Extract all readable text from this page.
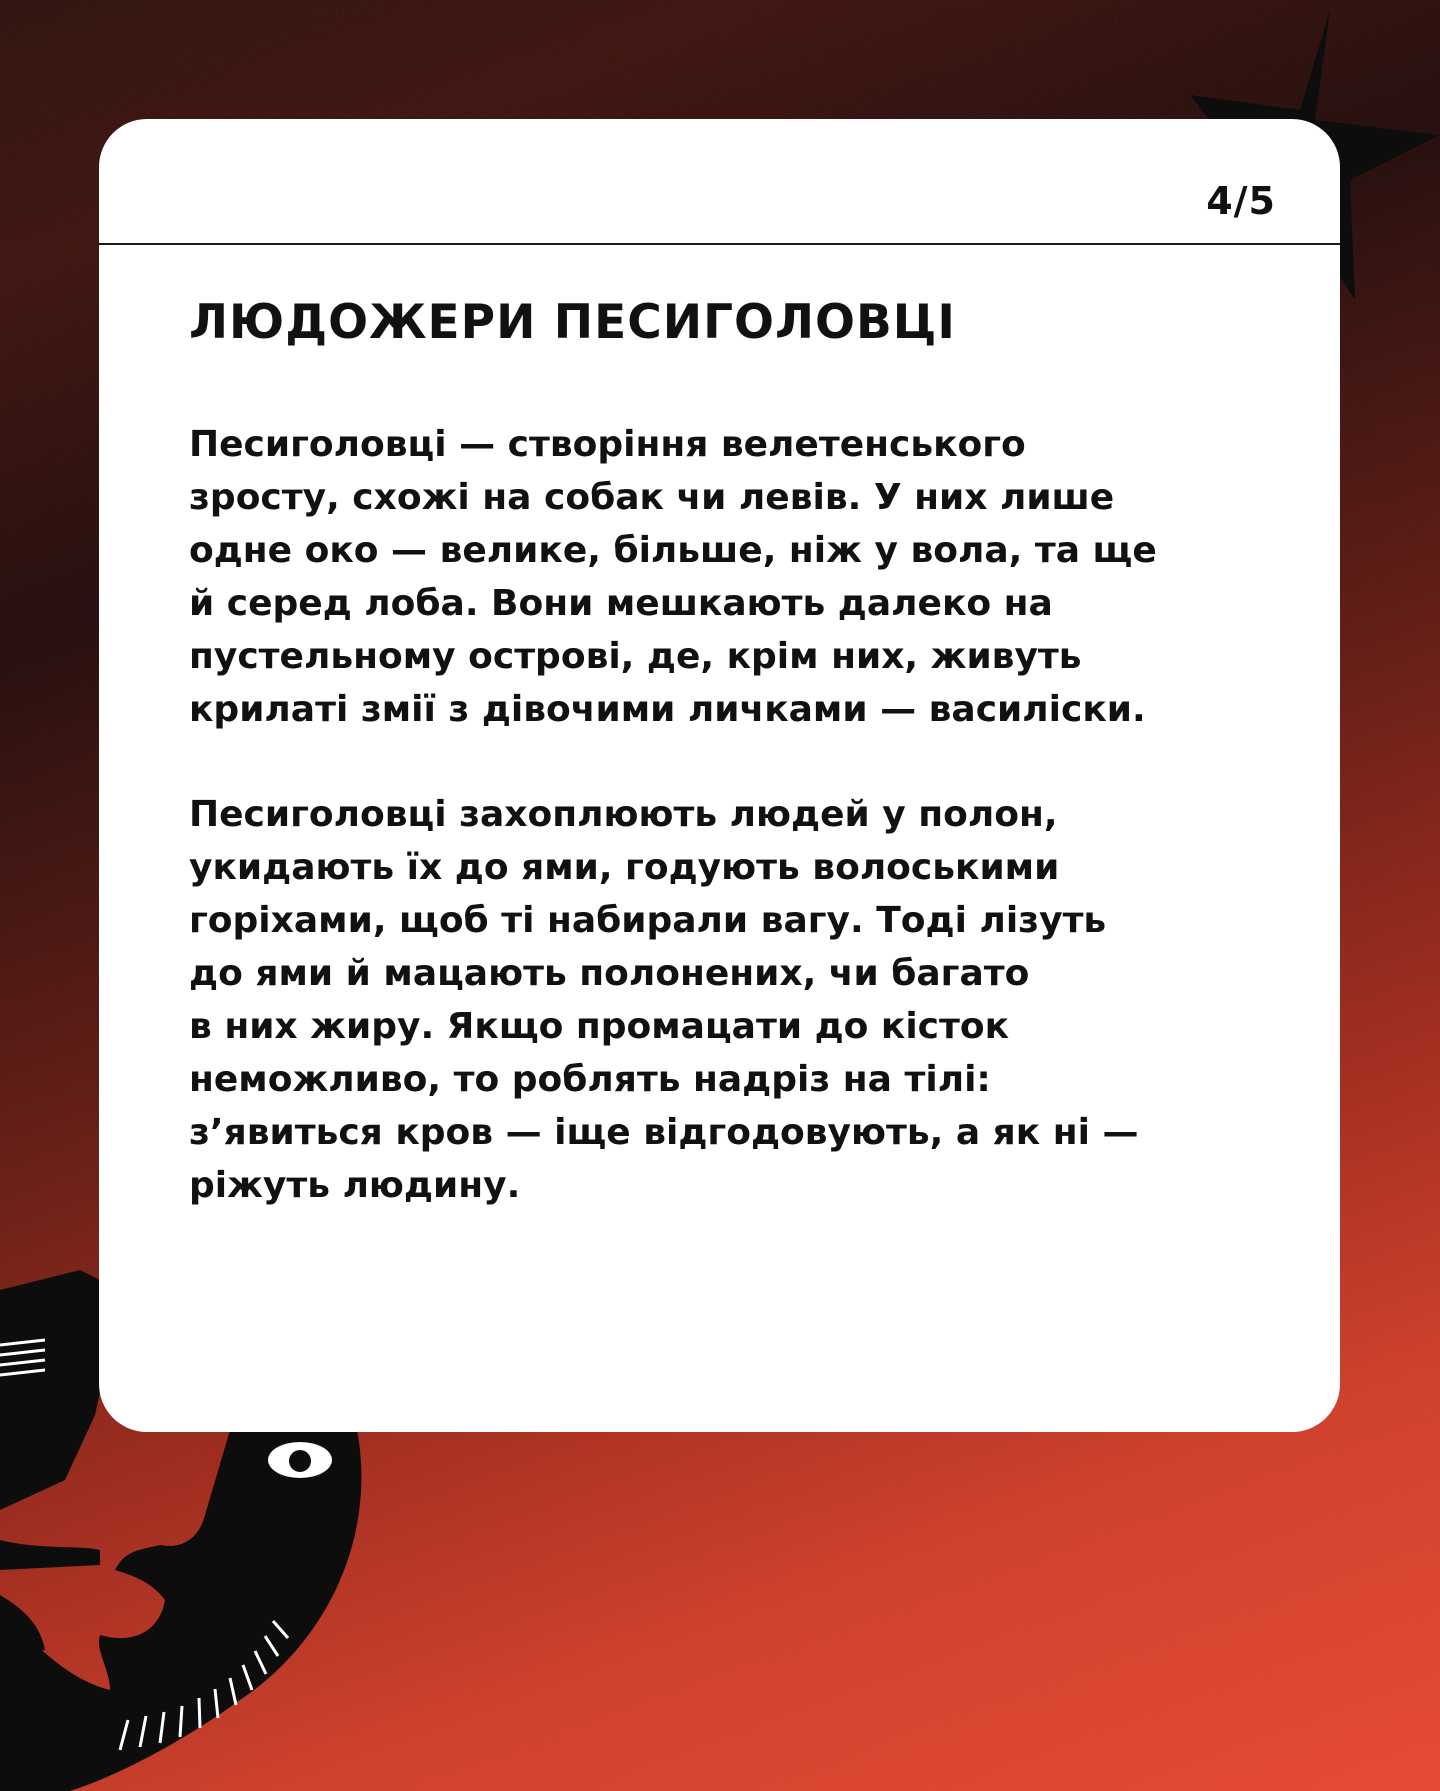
4/5
ЛЮДОЖЕРИ ПЕСИГОЛОВЦІ

Песиголовці — створіння велетенського
зросту, схожі на собак чи левів. У них лише
одне око — велике, більше, ніж у вола, та ще
й серед лоба. Вони мешкають далеко на
пустельному острові, де, крім них, живуть
крилаті змії з дівочими личками — василіски.

Песиголовці захоплюють людей у полон,
укидають їх до ями, годують волоськими
горіхами, щоб ті набирали вагу. Тоді лізуть
до ями й мацають полонених, чи багато
в них жиру. Якщо промацати до кісток
неможливо, то роблять надріз на тілі:
з’явиться кров — іще відгодовують, а як ні —
ріжуть людину.
